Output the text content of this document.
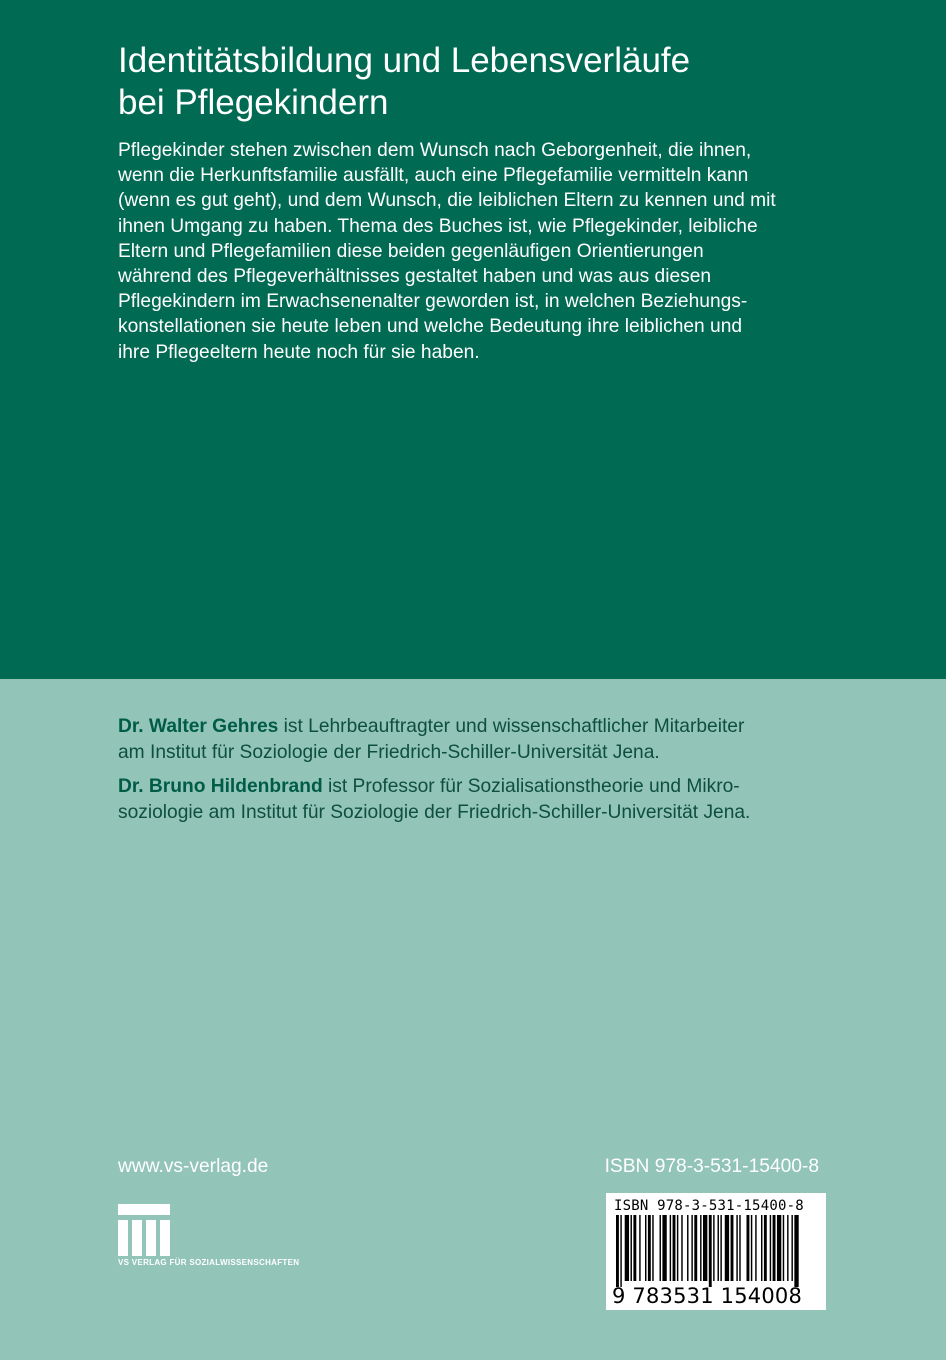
Identitätsbildung und Lebensverläufe
bei Pflegekindern
Pflegekinder stehen zwischen dem Wunsch nach Geborgenheit, die ihnen,
wenn die Herkunftsfamilie ausfällt, auch eine Pflegefamilie vermitteln kann
(wenn es gut geht), und dem Wunsch, die leiblichen Eltern zu kennen und mit
ihnen Umgang zu haben. Thema des Buches ist, wie Pflegekinder, leibliche
Eltern und Pflegefamilien diese beiden gegenläufigen Orientierungen
während des Pflegeverhältnisses gestaltet haben und was aus diesen
Pflegekindern im Erwachsenenalter geworden ist, in welchen Beziehungs-
konstellationen sie heute leben und welche Bedeutung ihre leiblichen und
ihre Pflegeeltern heute noch für sie haben.
Dr. Walter Gehres ist Lehrbeauftragter und wissenschaftlicher Mitarbeiter
am Institut für Soziologie der Friedrich-Schiller-Universität Jena.
Dr. Bruno Hildenbrand ist Professor für Sozialisationstheorie und Mikro-
soziologie am Institut für Soziologie der Friedrich-Schiller-Universität Jena.
www.vs-verlag.de	ISBN 978-3-531-15400-8
VS VERLAG FÜR SOZIALWISSENSCHAFTEN
ISBN 978-3-531-15400-8
9 783531 154008
